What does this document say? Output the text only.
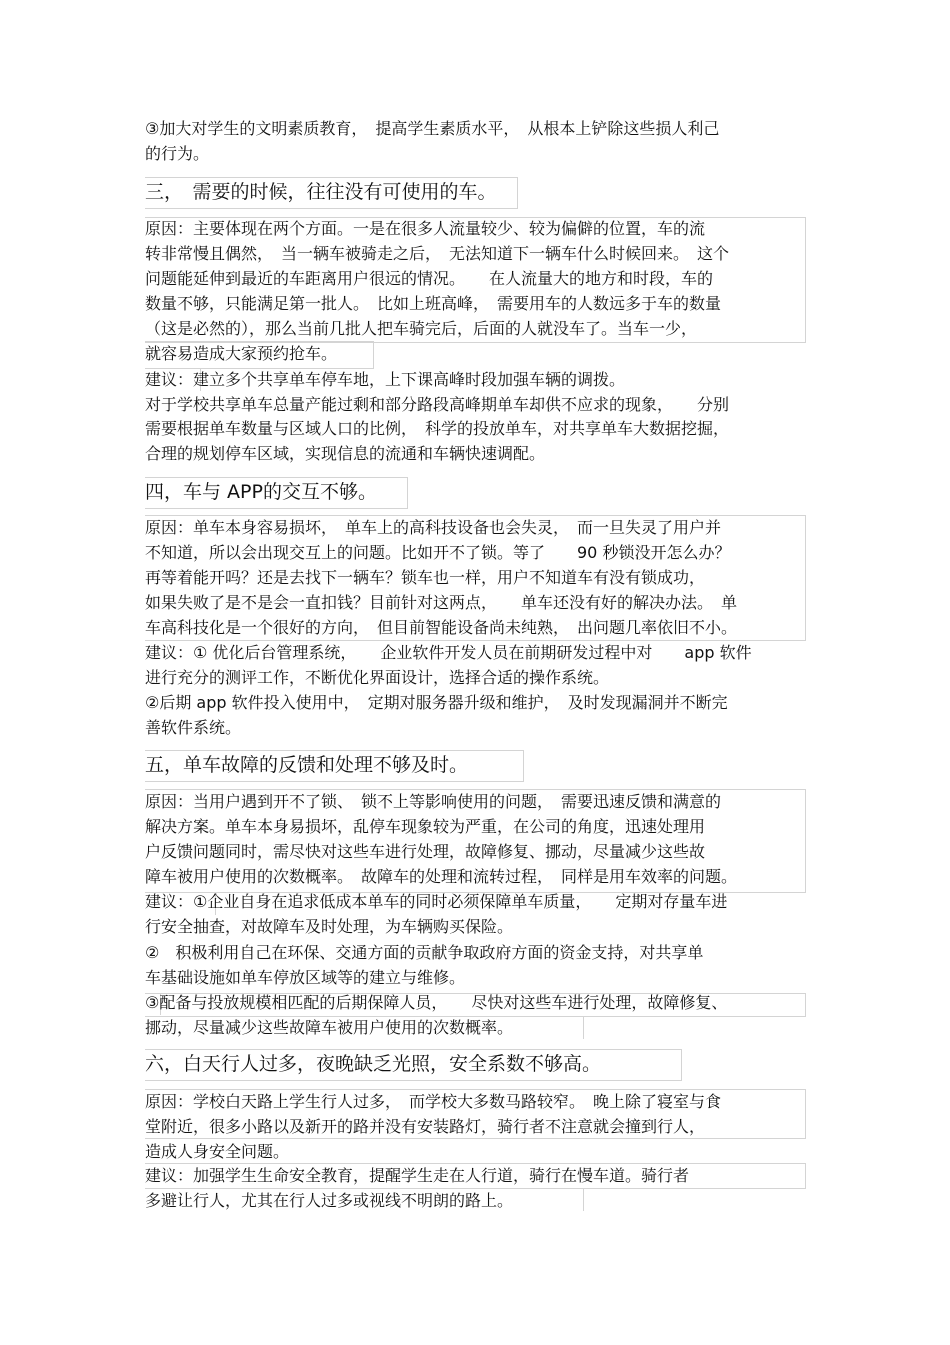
③加大对学生的文明素质教育，　提高学生素质水平，　从根本上铲除这些损人利己
的行为。
三，　需要的时候，往往没有可使用的车。
原因：主要体现在两个方面。一是在很多人流量较少、较为偏僻的位置，车的流
转非常慢且偶然，　当一辆车被骑走之后，　无法知道下一辆车什么时候回来。　这个
问题能延伸到最近的车距离用户很远的情况。　　在人流量大的地方和时段，车的
数量不够，只能满足第一批人。　比如上班高峰，　需要用车的人数远多于车的数量
（这是必然的），那么当前几批人把车骑完后，后面的人就没车了。当车一少，
就容易造成大家预约抢车。
建议：建立多个共享单车停车地，上下课高峰时段加强车辆的调拨。
对于学校共享单车总量产能过剩和部分路段高峰期单车却供不应求的现象，　　分别
需要根据单车数量与区域人口的比例，　科学的投放单车，对共享单车大数据挖掘，
合理的规划停车区域，实现信息的流通和车辆快速调配。
四，车与 APP的交互不够。
原因：单车本身容易损坏，　单车上的高科技设备也会失灵，　而一旦失灵了用户并
不知道，所以会出现交互上的问题。比如开不了锁。等了　　90 秒锁没开怎么办？
再等着能开吗？还是去找下一辆车？锁车也一样，用户不知道车有没有锁成功，
如果失败了是不是会一直扣钱？目前针对这两点，　　单车还没有好的解决办法。　单
车高科技化是一个很好的方向，　但目前智能设备尚未纯熟，　出问题几率依旧不小。
建议：① 优化后台管理系统，　　企业软件开发人员在前期研发过程中对　　app 软件
进行充分的测评工作，不断优化界面设计，选择合适的操作系统。
②后期 app 软件投入使用中，　定期对服务器升级和维护，　及时发现漏洞并不断完
善软件系统。
五，单车故障的反馈和处理不够及时。
原因：当用户遇到开不了锁、　锁不上等影响使用的问题，　需要迅速反馈和满意的
解决方案。单车本身易损坏，乱停车现象较为严重，在公司的角度，迅速处理用
户反馈问题同时，需尽快对这些车进行处理，故障修复、挪动，尽量减少这些故
障车被用户使用的次数概率。　故障车的处理和流转过程，　同样是用车效率的问题。
建议：①企业自身在追求低成本单车的同时必须保障单车质量，　　定期对存量车进
行安全抽查，对故障车及时处理，为车辆购买保险。
②　积极利用自己在环保、交通方面的贡献争取政府方面的资金支持，对共享单
车基础设施如单车停放区域等的建立与维修。
③配备与投放规模相匹配的后期保障人员，　　尽快对这些车进行处理，故障修复、
挪动，尽量减少这些故障车被用户使用的次数概率。
六，白天行人过多，夜晚缺乏光照，安全系数不够高。
原因：学校白天路上学生行人过多，　而学校大多数马路较窄。　晚上除了寝室与食
堂附近，很多小路以及新开的路并没有安装路灯，骑行者不注意就会撞到行人，
造成人身安全问题。
建议：加强学生生命安全教育，提醒学生走在人行道，骑行在慢车道。骑行者
多避让行人，尤其在行人过多或视线不明朗的路上。
